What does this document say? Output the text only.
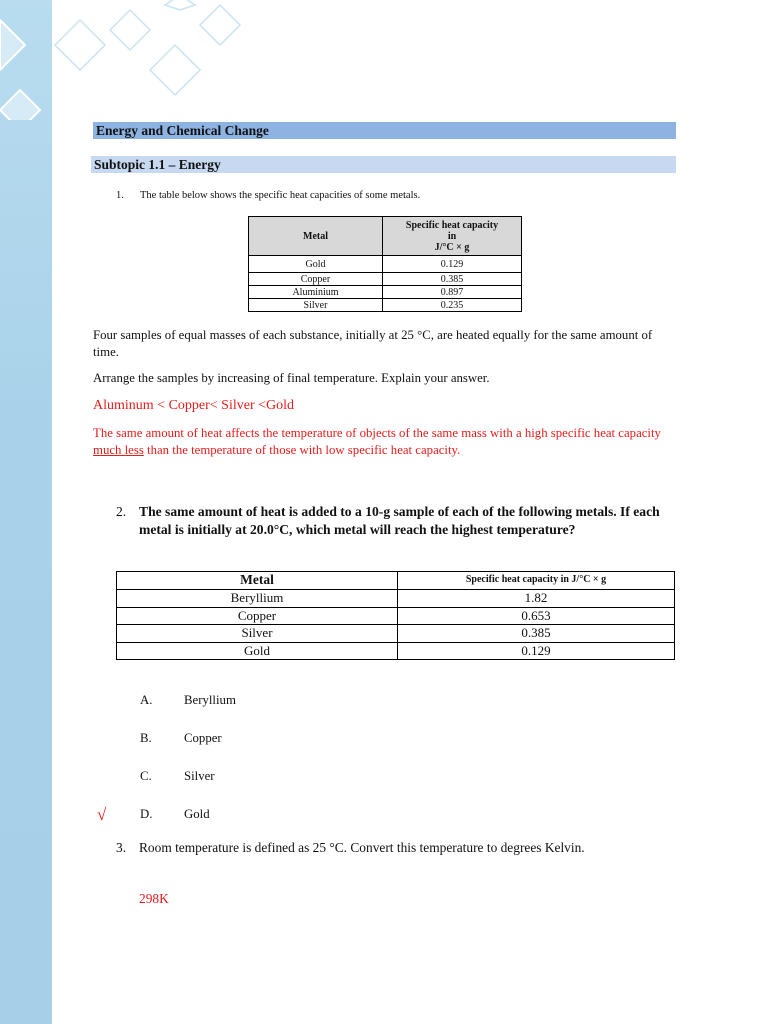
Energy and Chemical Change
Subtopic 1.1 – Energy
1. The table below shows the specific heat capacities of some metals.
Metal	Specific heat capacity
in
J/°C × g
Gold	0.129
Copper	0.385
Aluminium	0.897
Silver	0.235
Four samples of equal masses of each substance, initially at 25 °C, are heated equally for the same amount of time.
Arrange the samples by increasing of final temperature. Explain your answer.
Aluminum < Copper< Silver <Gold
The same amount of heat affects the temperature of objects of the same mass with a high specific heat capacity much less than the temperature of those with low specific heat capacity.
2. The same amount of heat is added to a 10-g sample of each of the following metals. If each metal is initially at 20.0°C, which metal will reach the highest temperature?
Metal	Specific heat capacity in J/°C × g
Beryllium	1.82
Copper	0.653
Silver	0.385
Gold	0.129
A. Beryllium
B.	Copper
C.	Silver
√	D. Gold
3. Room temperature is defined as 25 °C. Convert this temperature to degrees Kelvin.
298K
